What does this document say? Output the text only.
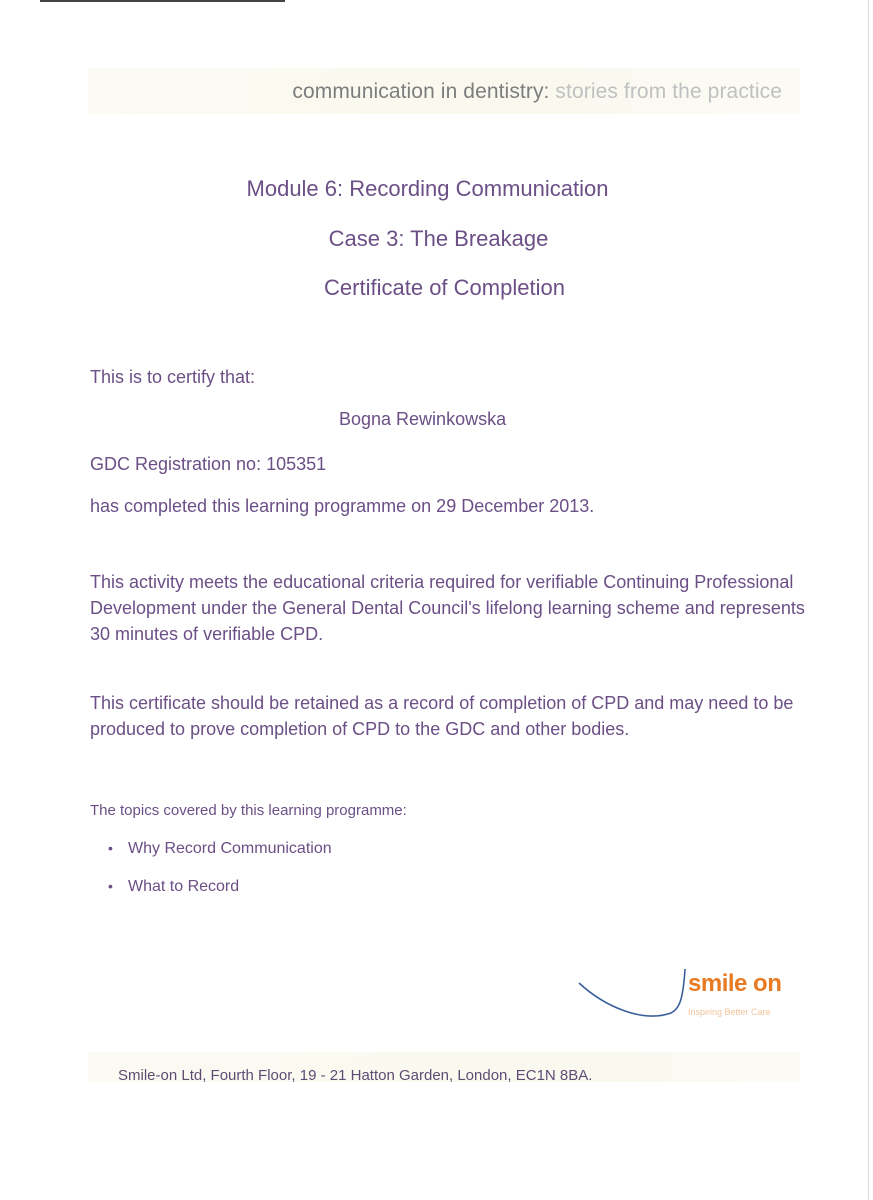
communication in dentistry: stories from the practice
Module 6: Recording Communication
Case 3: The Breakage
Certificate of Completion
This is to certify that:
Bogna Rewinkowska
GDC Registration no: 105351
has completed this learning programme on 29 December 2013.

This activity meets the educational criteria required for verifiable Continuing Professional Development under the General Dental Council's lifelong learning scheme and represents 30 minutes of verifiable CPD.

This certificate should be retained as a record of completion of CPD and may need to be produced to prove completion of CPD to the GDC and other bodies.

The topics covered by this learning programme:
• Why Record Communication
• What to Record
smile on
Inspiring Better Care
Smile-on Ltd, Fourth Floor, 19 - 21 Hatton Garden, London, EC1N 8BA.
